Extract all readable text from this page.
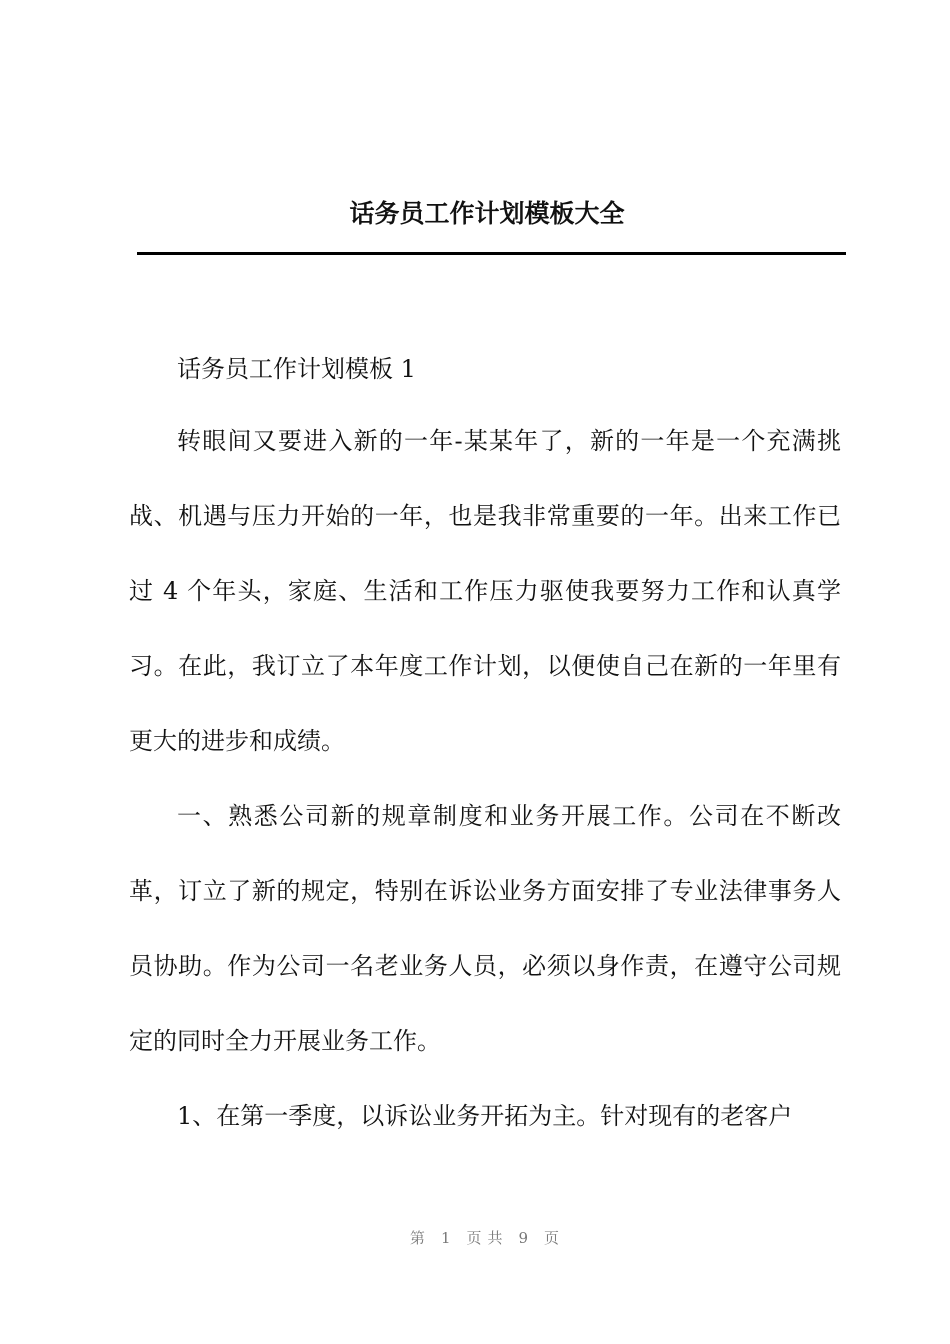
话务员工作计划模板大全

话务员工作计划模板 1

转眼间又要进入新的一年-某某年了，新的一年是一个充满挑战、机遇与压力开始的一年，也是我非常重要的一年。出来工作已过 4 个年头，家庭、生活和工作压力驱使我要努力工作和认真学习。在此，我订立了本年度工作计划，以便使自己在新的一年里有更大的进步和成绩。

一、熟悉公司新的规章制度和业务开展工作。公司在不断改革，订立了新的规定，特别在诉讼业务方面安排了专业法律事务人员协助。作为公司一名老业务人员，必须以身作责，在遵守公司规定的同时全力开展业务工作。

1、在第一季度，以诉讼业务开拓为主。针对现有的老客户

第 1 页共 9 页
